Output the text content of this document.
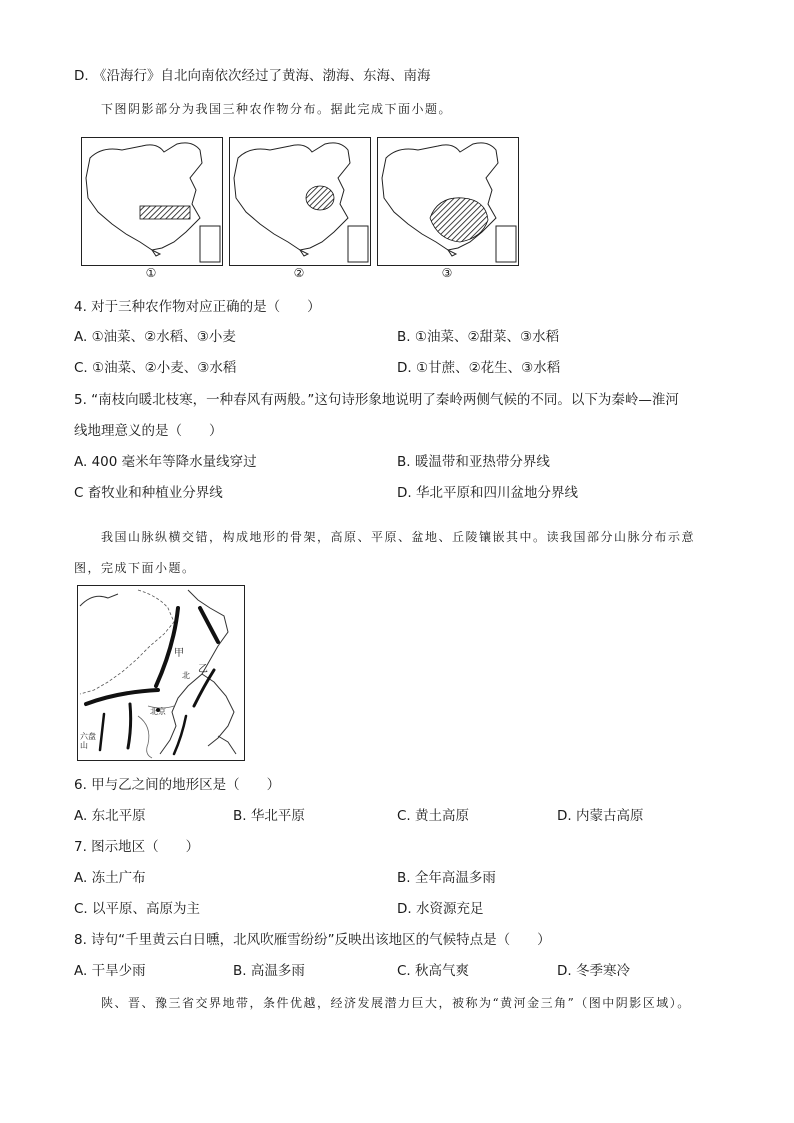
D. 《沿海行》自北向南依次经过了黄海、渤海、东海、南海
下图阴影部分为我国三种农作物分布。据此完成下面小题。
①	②	③
4. 对于三种农作物对应正确的是（　　）
A. ①油菜、②水稻、③小麦	B. ①油菜、②甜菜、③水稻
C. ①油菜、②小麦、③水稻	D. ①甘蔗、②花生、③水稻
5. “南枝向暖北枝寒，一种春风有两般。”这句诗形象地说明了秦岭两侧气候的不同。以下为秦岭—淮河
线地理意义的是（　　）
A. 400 毫米年等降水量线穿过	B. 暖温带和亚热带分界线
C 畜牧业和种植业分界线	D. 华北平原和四川盆地分界线
我国山脉纵横交错，构成地形的骨架，高原、平原、盆地、丘陵镶嵌其中。读我国部分山脉分布示意
图，完成下面小题。
甲
乙
北
北京
六盘山
6. 甲与乙之间的地形区是（　　）
A. 东北平原	B. 华北平原	C. 黄土高原	D. 内蒙古高原
7. 图示地区（　　）
A. 冻土广布	B. 全年高温多雨
C. 以平原、高原为主	D. 水资源充足
8. 诗句“千里黄云白日曛，北风吹雁雪纷纷”反映出该地区的气候特点是（　　）
A. 干旱少雨	B. 高温多雨	C. 秋高气爽	D. 冬季寒冷
陕、晋、豫三省交界地带，条件优越，经济发展潜力巨大，被称为“黄河金三角”（图中阴影区域）。
